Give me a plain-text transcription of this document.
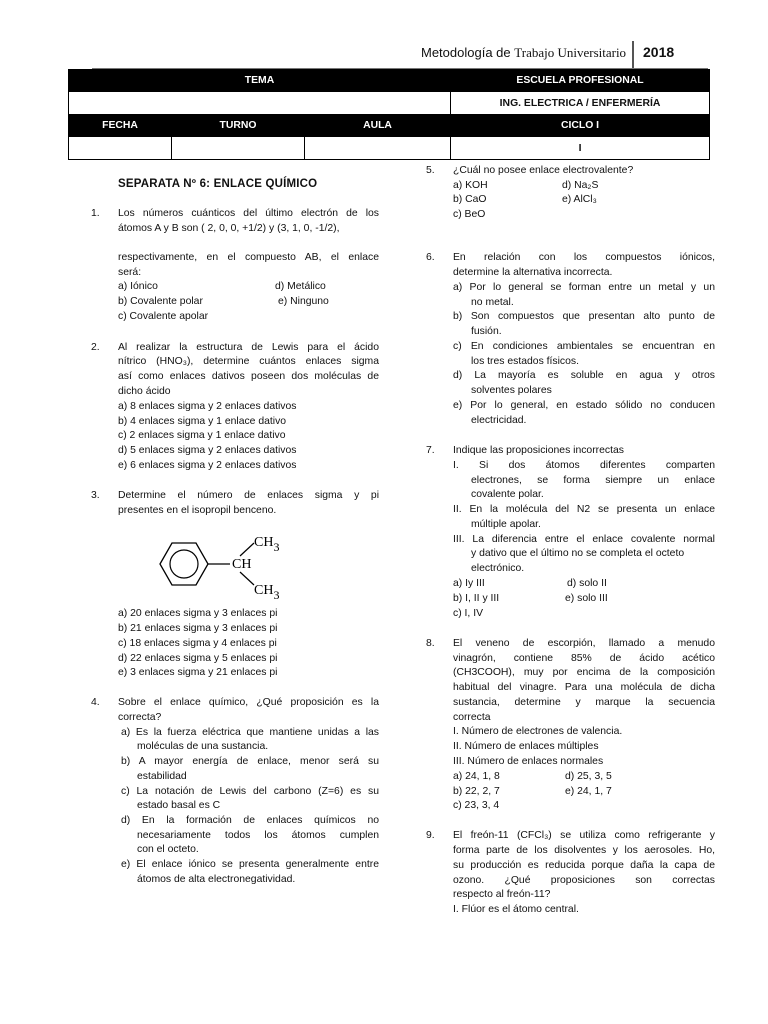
Metodología de Trabajo Universitario 2018
TEMA			ESCUELA PROFESIONAL
			ING. ELECTRICA / ENFERMERÍA
FECHA	TURNO	AULA	CICLO I
			I
SEPARATA Nº 6: ENLACE QUÍMICO
1. Los números cuánticos del último electrón de los
átomos A y B son ( 2, 0, 0, +1/2) y (3, 1, 0, -1/2),
respectivamente, en el compuesto AB, el enlace
será:
a) Iónico	d) Metálico
b) Covalente polar	e) Ninguno
c) Covalente apolar
2. Al realizar la estructura de Lewis para el ácido
nítrico (HNO₃), determine cuántos enlaces sigma
así como enlaces dativos poseen dos moléculas de
dicho ácido
a) 8 enlaces sigma y 2 enlaces dativos
b) 4 enlaces sigma y 1 enlace dativo
c) 2 enlaces sigma y 1 enlace dativo
d) 5 enlaces sigma y 2 enlaces dativos
e) 6 enlaces sigma y 2 enlaces dativos
3. Determine el número de enlaces sigma y pi
presentes en el isopropil benceno.
CH
CH3
CH3
a) 20 enlaces sigma y 3 enlaces pi
b) 21 enlaces sigma y 3 enlaces pi
c) 18 enlaces sigma y 4 enlaces pi
d) 22 enlaces sigma y 5 enlaces pi
e) 3 enlaces sigma y 21 enlaces pi
4. Sobre el enlace químico, ¿Qué proposición es la
correcta?
a) Es la fuerza eléctrica que mantiene unidas a las
moléculas de una sustancia.
b) A mayor energía de enlace, menor será su
estabilidad
c) La notación de Lewis del carbono (Z=6) es su
estado basal es C
d) En la formación de enlaces químicos no
necesariamente todos los átomos cumplen
con el octeto.
e) El enlace iónico se presenta generalmente entre
átomos de alta electronegatividad.
5. ¿Cuál no posee enlace electrovalente?
a) KOH	d) Na₂S
b) CaO	e) AlCl₃
c) BeO
6. En relación con los compuestos iónicos,
determine la alternativa incorrecta.
a) Por lo general se forman entre un metal y un
no metal.
b) Son compuestos que presentan alto punto de
fusión.
c) En condiciones ambientales se encuentran en
los tres estados físicos.
d) La mayoría es soluble en agua y otros
solventes polares
e) Por lo general, en estado sólido no conducen
electricidad.
7. Indique las proposiciones incorrectas
I. Si dos átomos diferentes comparten
electrones, se forma siempre un enlace
covalente polar.
II. En la molécula del N2 se presenta un enlace
múltiple apolar.
III. La diferencia entre el enlace covalente normal
y dativo que el último no se completa el octeto
electrónico.
a) Iy III	d) solo II
b) I, II y III	e) solo III
c) I, IV
8. El veneno de escorpión, llamado a menudo
vinagrón, contiene 85% de ácido acético
(CH3COOH), muy por encima de la composición
habitual del vinagre. Para una molécula de dicha
sustancia, determine y marque la secuencia
correcta
I. Número de electrones de valencia.
II. Número de enlaces múltiples
III. Número de enlaces normales
a) 24, 1, 8	d) 25, 3, 5
b) 22, 2, 7	e) 24, 1, 7
c) 23, 3, 4
9. El freón-11 (CFCl₃) se utiliza como refrigerante y
forma parte de los disolventes y los aerosoles. Ho,
su producción es reducida porque daña la capa de
ozono. ¿Qué proposiciones son correctas
respecto al freón-11?
I. Flúor es el átomo central.
